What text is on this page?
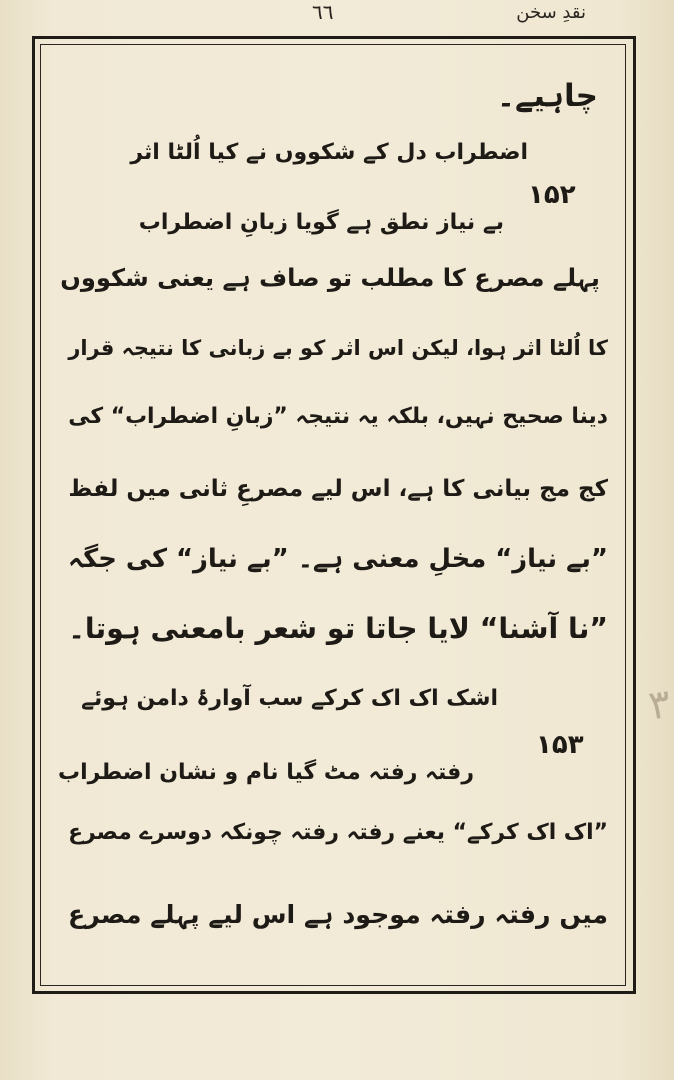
نقدِ سخن
٦٦
چاہیے۔
اضطراب دل کے شکووں نے کیا اُلٹا اثر
۱۵۲
بے نیاز نطق ہے گویا زبانِ اضطراب
پہلے مصرع کا مطلب تو صاف ہے یعنی شکووں
کا اُلٹا اثر ہوا، لیکن اس اثر کو بے زبانی کا نتیجہ قرار
دینا صحیح نہیں، بلکہ یہ نتیجہ ”زبانِ اضطراب“ کی
کج مج بیانی کا ہے، اس لیے مصرعِ ثانی میں لفظ
”بے نیاز“ مخلِ معنی ہے۔ ”بے نیاز“ کی جگہ
”نا آشنا“ لایا جاتا تو شعر بامعنی ہوتا۔
اشک اک اک کرکے سب آوارۂ دامن ہوئے
۱۵۳
رفتہ رفتہ مٹ گیا نام و نشان اضطراب
”اک اک کرکے“ یعنے رفتہ رفتہ چونکہ دوسرے مصرع
میں رفتہ رفتہ موجود ہے اس لیے پہلے مصرع
٣
